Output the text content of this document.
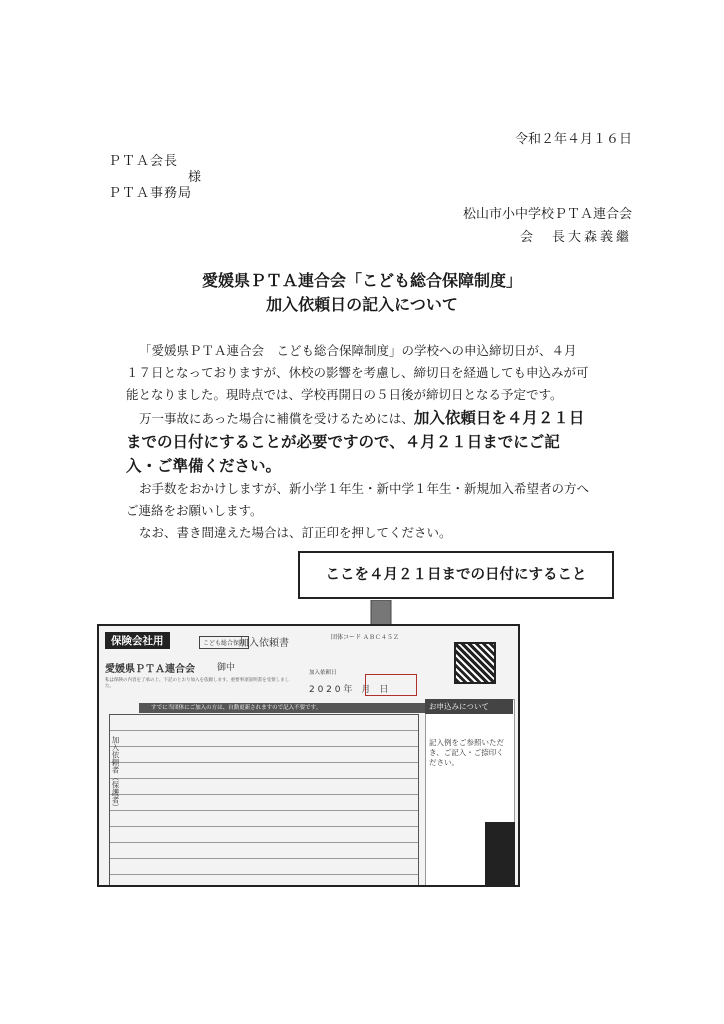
令和２年４月１６日
ＰＴＡ会長
様
ＰＴＡ事務局
松山市小中学校ＰＴＡ連合会
会　長大森義繼
愛媛県ＰＴＡ連合会「こども総合保障制度」
加入依頼日の記入について

「愛媛県ＰＴＡ連合会　こども総合保障制度」の学校への申込締切日が、４月

１７日となっておりますが、休校の影響を考慮し、締切日を経過しても申込みが可

能となりました。現時点では、学校再開日の５日後が締切日となる予定です。

万一事故にあった場合に補償を受けるためには、加入依頼日を４月２１日

までの日付にすることが必要ですので、４月２１日までにご記

入・ご準備ください。

お手数をおかけしますが、新小学１年生・新中学１年生・新規加入希望者の方へ

ご連絡をお願いします。

なお、書き間違えた場合は、訂正印を押してください。

ここを４月２１日までの日付にすること
保険会社用	こども総合保障
加入依頼書
団体コード ＡＢＣ４５Ｚ
愛媛県ＰＴＡ連合会 御中	加入依頼日
2 0 2 0 年　月　日
私は保険の内容を了承の上、下記のとおり加入を依頼します。重要事項説明書を受領しました。
すでに当団体にご加入の方は、自動更新されますので記入不要です。
加入依頼者（保護者）
お申込みについて
記入例をご参照いただき、ご記入・ご捺印ください。
